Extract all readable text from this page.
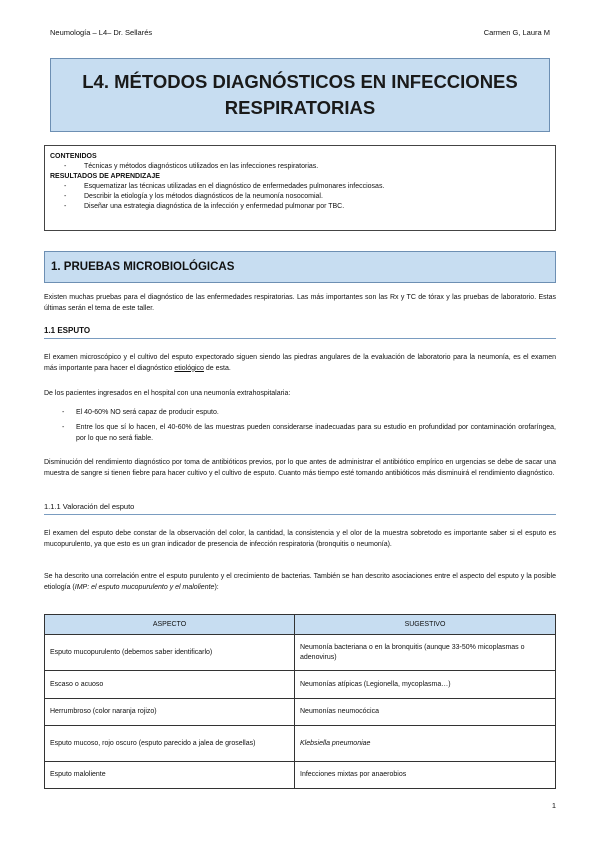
Neumología – L4– Dr. Sellarés	Carmen G, Laura M
L4. MÉTODOS DIAGNÓSTICOS EN INFECCIONES
RESPIRATORIAS
CONTENIDOS
- Técnicas y métodos diagnósticos utilizados en las infecciones respiratorias.
RESULTADOS DE APRENDIZAJE
- Esquematizar las técnicas utilizadas en el diagnóstico de enfermedades pulmonares infecciosas.
- Describir la etiología y los métodos diagnósticos de la neumonía nosocomial.
- Diseñar una estrategia diagnóstica de la infección y enfermedad pulmonar por TBC.
1. PRUEBAS MICROBIOLÓGICAS

Existen muchas pruebas para el diagnóstico de las enfermedades respiratorias. Las más importantes son las Rx y TC de tórax y las pruebas de laboratorio. Estas últimas serán el tema de este taller.

1.1 ESPUTO

El examen microscópico y el cultivo del esputo expectorado siguen siendo las piedras angulares de la evaluación de laboratorio para la neumonía, es el examen más importante para hacer el diagnóstico etiológico de esta.

De los pacientes ingresados en el hospital con una neumonía extrahospitalaria:

- El 40-60% NO será capaz de producir esputo.

- Entre los que sí lo hacen, el 40-60% de las muestras pueden considerarse inadecuadas para su estudio en profundidad por contaminación orofaríngea, por lo que no será fiable.

Disminución del rendimiento diagnóstico por toma de antibióticos previos, por lo que antes de administrar el antibiótico empírico en urgencias se debe de sacar una muestra de sangre si tienen fiebre para hacer cultivo y el cultivo de esputo. Cuanto más tiempo esté tomando antibióticos más disminuirá el rendimiento diagnóstico.

1.1.1 Valoración del esputo

El examen del esputo debe constar de la observación del color, la cantidad, la consistencia y el olor de la muestra sobretodo es importante saber si el esputo es mucopurulento, ya que esto es un gran indicador de presencia de infección respiratoria (bronquitis o neumonía).

Se ha descrito una correlación entre el esputo purulento y el crecimiento de bacterias. También se han descrito asociaciones entre el aspecto del esputo y la posible etiología (IMP: el esputo mucopurulento y el maloliente):

ASPECTO	SUGESTIVO
Esputo mucopurulento (debemos saber identificarlo)	Neumonía bacteriana o en la bronquitis (aunque 33-50% micoplasmas o adenovirus)
Escaso o acuoso	Neumonías atípicas (Legionella, mycoplasma…)
Herrumbroso (color naranja rojizo)	Neumonías neumocócica
Esputo mucoso, rojo oscuro (esputo parecido a jalea de grosellas)	Klebsiella pneumoniae
Esputo maloliente	Infecciones mixtas por anaerobios
1
